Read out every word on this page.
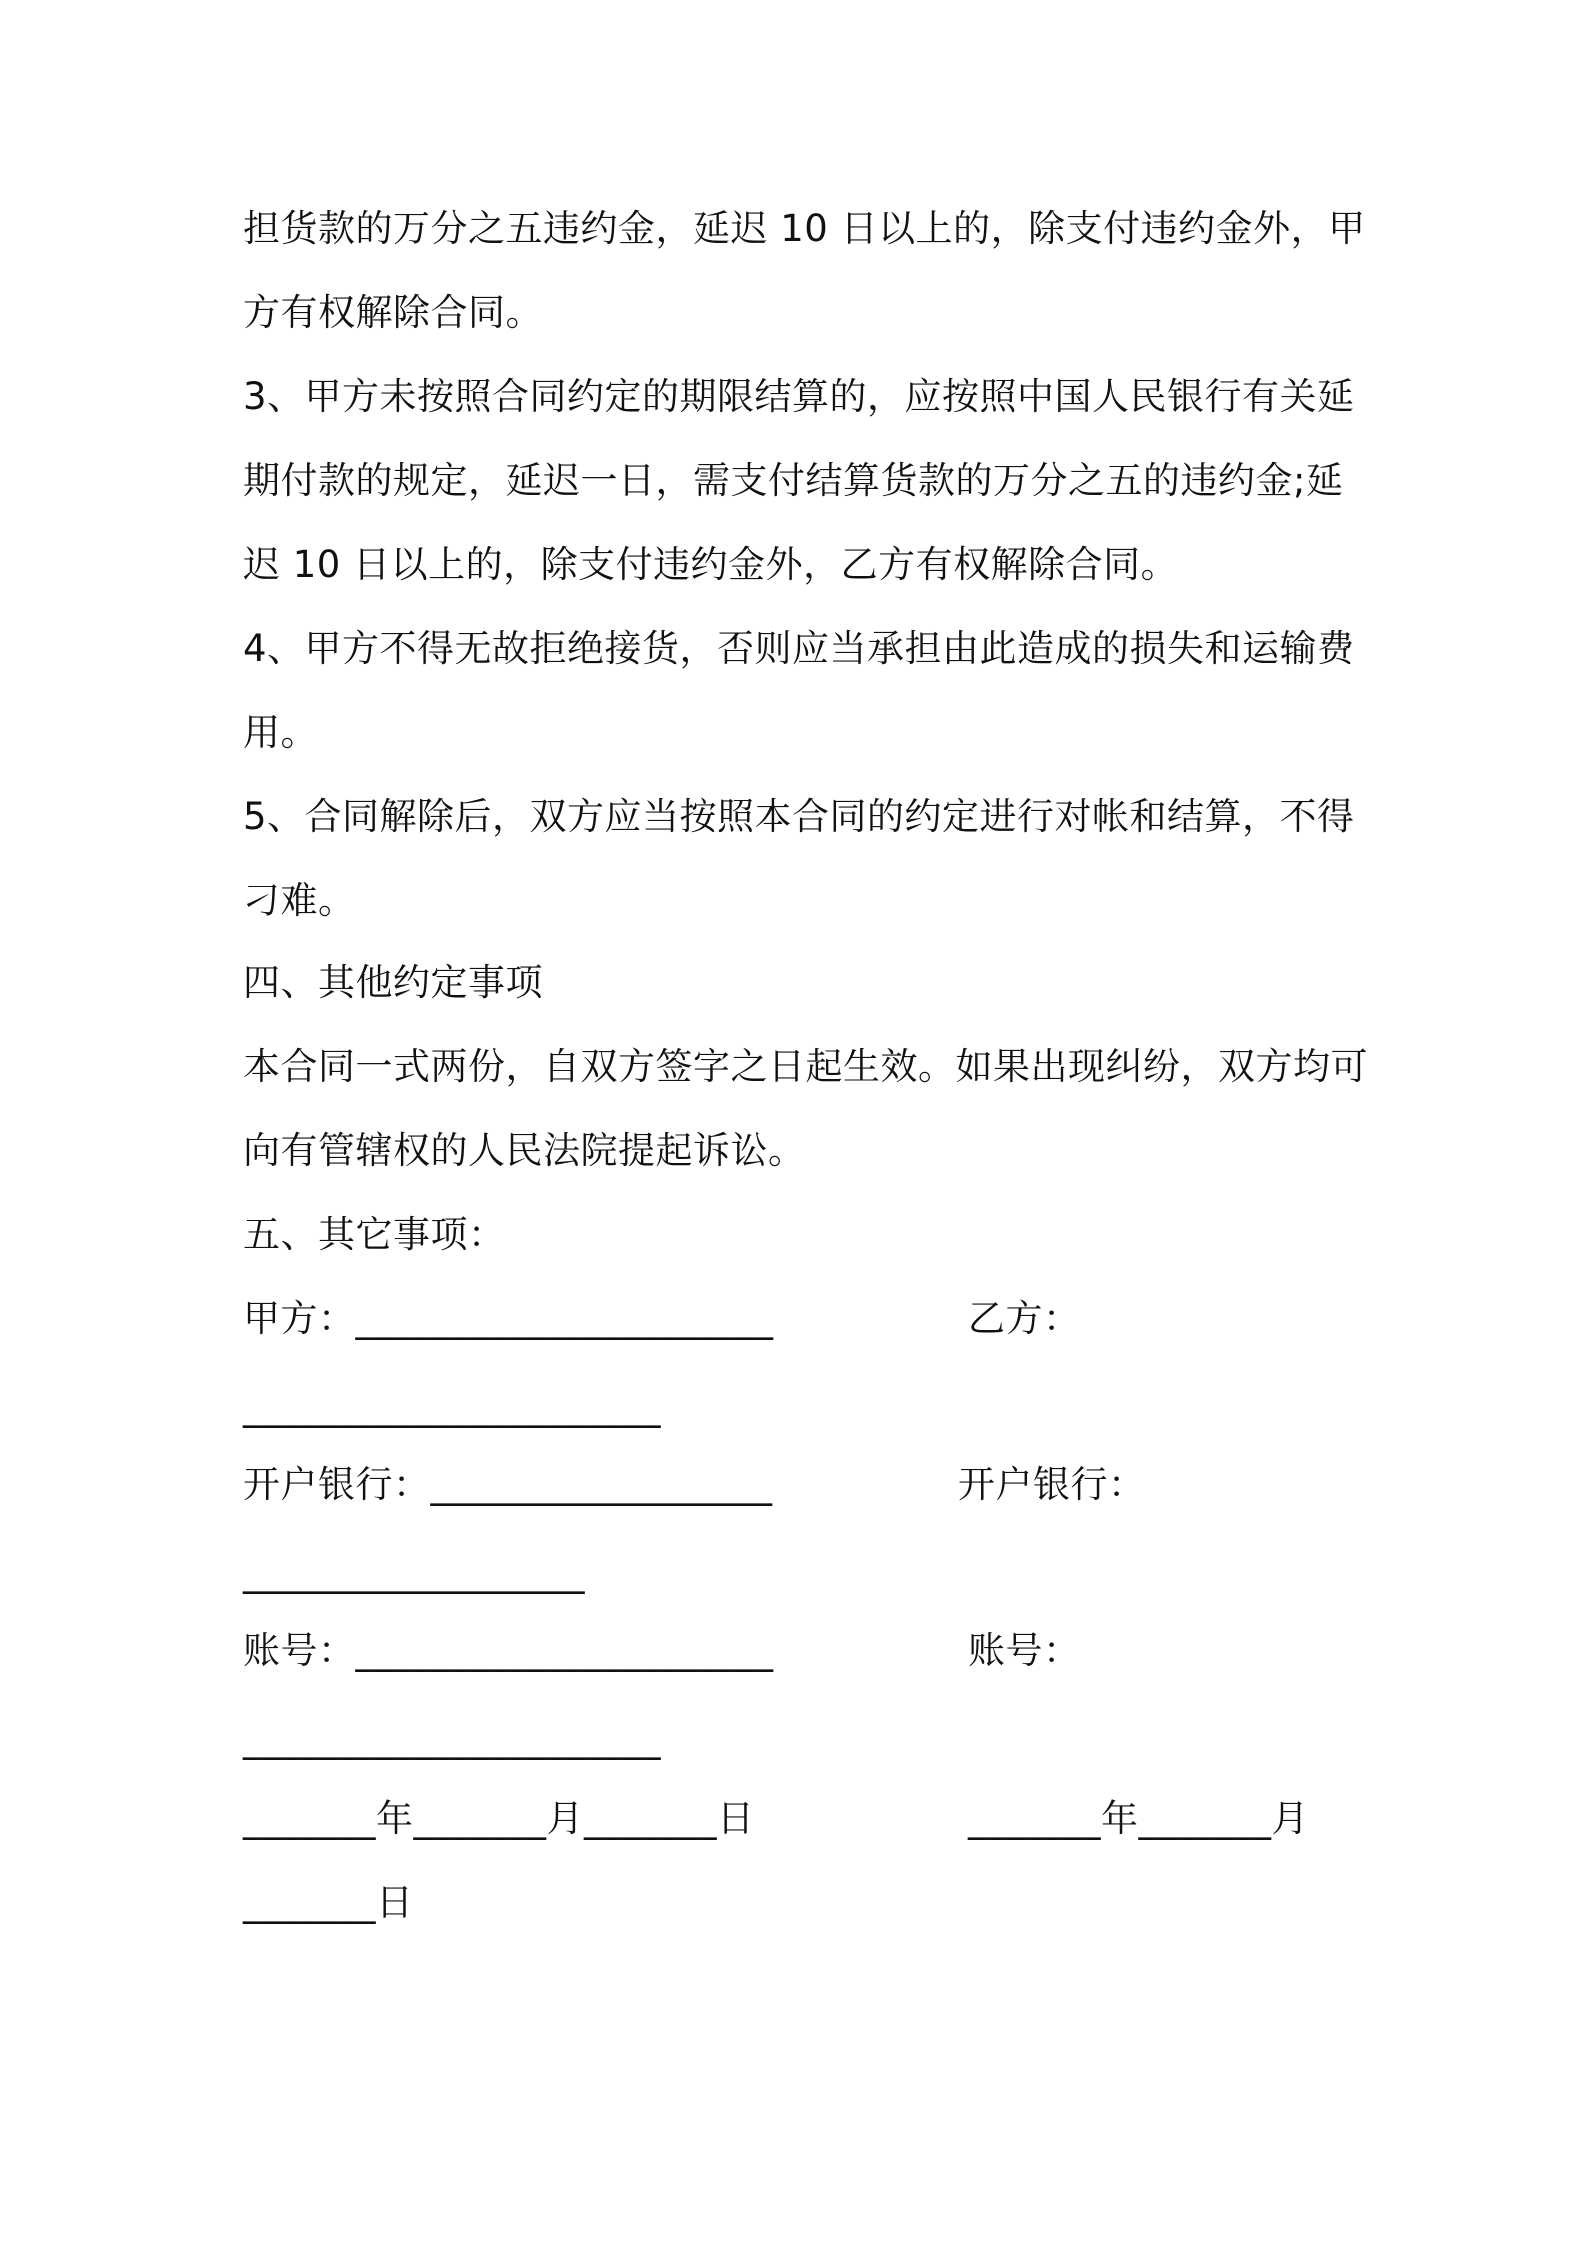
担货款的万分之五违约金，延迟 10 日以上的，除支付违约金外，甲
方有权解除合同。
3、甲方未按照合同约定的期限结算的，应按照中国人民银行有关延
期付款的规定，延迟一日，需支付结算货款的万分之五的违约金;延
迟 10 日以上的，除支付违约金外，乙方有权解除合同。
4、甲方不得无故拒绝接货，否则应当承担由此造成的损失和运输费
用。
5、合同解除后，双方应当按照本合同的约定进行对帐和结算，不得
刁难。
四、其他约定事项
本合同一式两份，自双方签字之日起生效。如果出现纠纷，双方均可
向有管辖权的人民法院提起诉讼。
五、其它事项：
甲方：______________________	乙方：
______________________
开户银行：__________________	开户银行：
__________________
账号：______________________	账号：
______________________
_______年_______月_______日	_______年_______月
_______日
